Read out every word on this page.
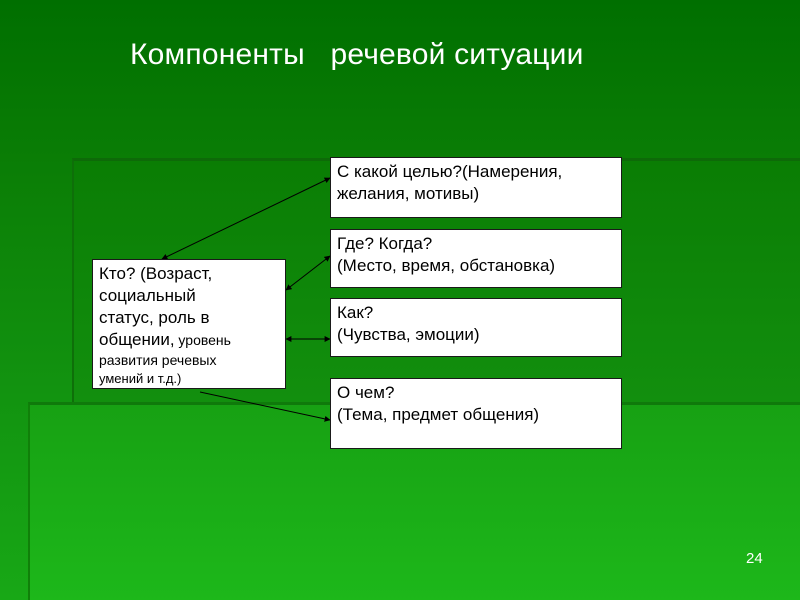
Компоненты   речевой ситуации
Кто? (Возраст,
социальный
статус, роль в
общении, уровень
развития речевых
умений и т.д.)
С какой целью?(Намерения,
желания, мотивы)
Где? Когда?
(Место, время, обстановка)
Как?
(Чувства, эмоции)
О чем?
(Тема, предмет общения)
24
